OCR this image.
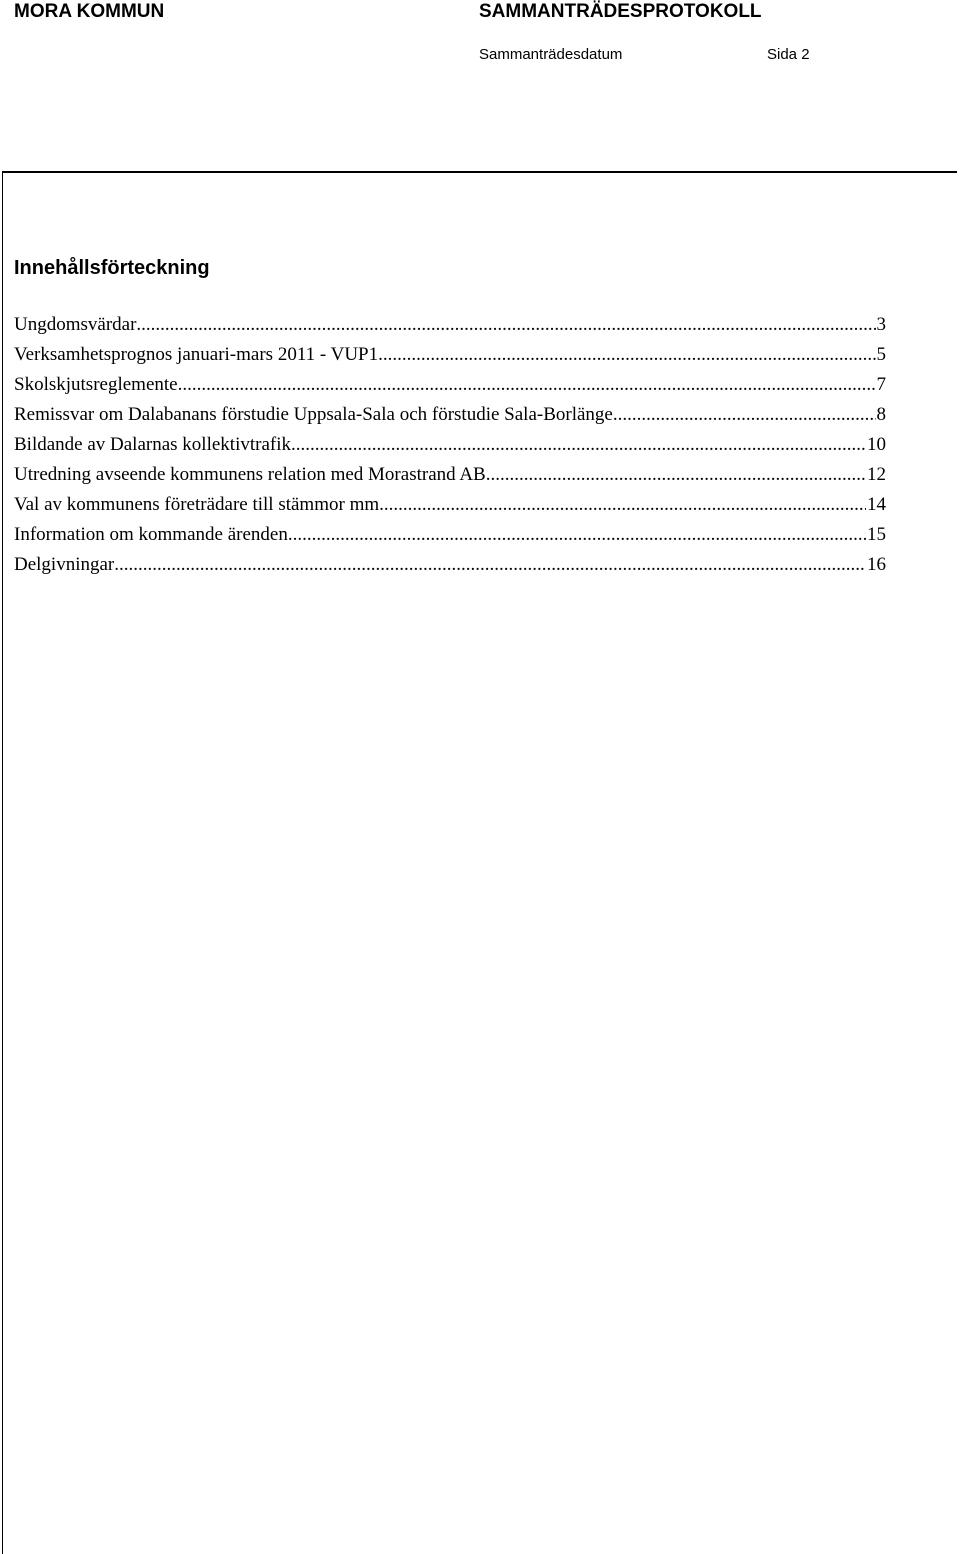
MORA KOMMUN	SAMMANTRÄDESPROTOKOLL
Sammanträdesdatum	Sida 2
Innehållsförteckning
Ungdomsvärdar .....	3
Verksamhetsprognos januari-mars 2011 - VUP1 .....	5
Skolskjutsreglemente .....	7
Remissvar om Dalabanans förstudie Uppsala-Sala och förstudie Sala-Borlänge .....	8
Bildande av Dalarnas kollektivtrafik .....	10
Utredning avseende kommunens relation med Morastrand AB .....	12
Val av kommunens företrädare till stämmor mm .....	14
Information om kommande ärenden .....	15
Delgivningar .....	16
